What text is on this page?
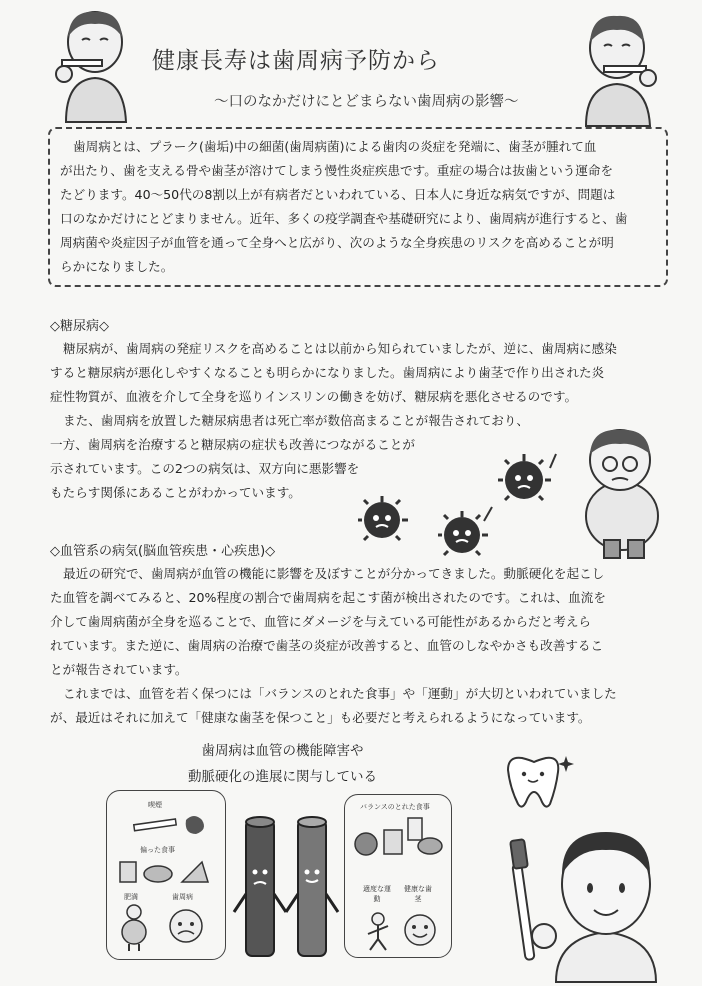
健康長寿は歯周病予防から
～口のなかだけにとどまらない歯周病の影響～
歯周病とは、プラーク(歯垢)中の細菌(歯周病菌)による歯肉の炎症を発端に、歯茎が腫れて血
が出たり、歯を支える骨や歯茎が溶けてしまう慢性炎症疾患です。重症の場合は抜歯という運命を
たどります。40～50代の8割以上が有病者だといわれている、日本人に身近な病気ですが、問題は
口のなかだけにとどまりません。近年、多くの疫学調査や基礎研究により、歯周病が進行すると、歯
周病菌や炎症因子が血管を通って全身へと広がり、次のような全身疾患のリスクを高めることが明
らかになりました。
◇糖尿病◇
糖尿病が、歯周病の発症リスクを高めることは以前から知られていましたが、逆に、歯周病に感染
すると糖尿病が悪化しやすくなることも明らかになりました。歯周病により歯茎で作り出された炎
症性物質が、血液を介して全身を巡りインスリンの働きを妨げ、糖尿病を悪化させるのです。
また、歯周病を放置した糖尿病患者は死亡率が数倍高まることが報告されており、
一方、歯周病を治療すると糖尿病の症状も改善につながることが
示されています。この2つの病気は、双方向に悪影響を
もたらす関係にあることがわかっています。
◇血管系の病気(脳血管疾患・心疾患)◇
最近の研究で、歯周病が血管の機能に影響を及ぼすことが分かってきました。動脈硬化を起こし
た血管を調べてみると、20%程度の割合で歯周病を起こす菌が検出されたのです。これは、血流を
介して歯周病菌が全身を巡ることで、血管にダメージを与えている可能性があるからだと考えら
れています。また逆に、歯周病の治療で歯茎の炎症が改善すると、血管のしなやかさも改善するこ
とが報告されています。
これまでは、血管を若く保つには「バランスのとれた食事」や「運動」が大切といわれていました
が、最近はそれに加えて「健康な歯茎を保つこと」も必要だと考えられるようになっています。
歯周病は血管の機能障害や
動脈硬化の進展に関与している
喫煙
偏った食事
肥満	歯周病
バランスのとれた食事
適度な運動
健康な歯茎
